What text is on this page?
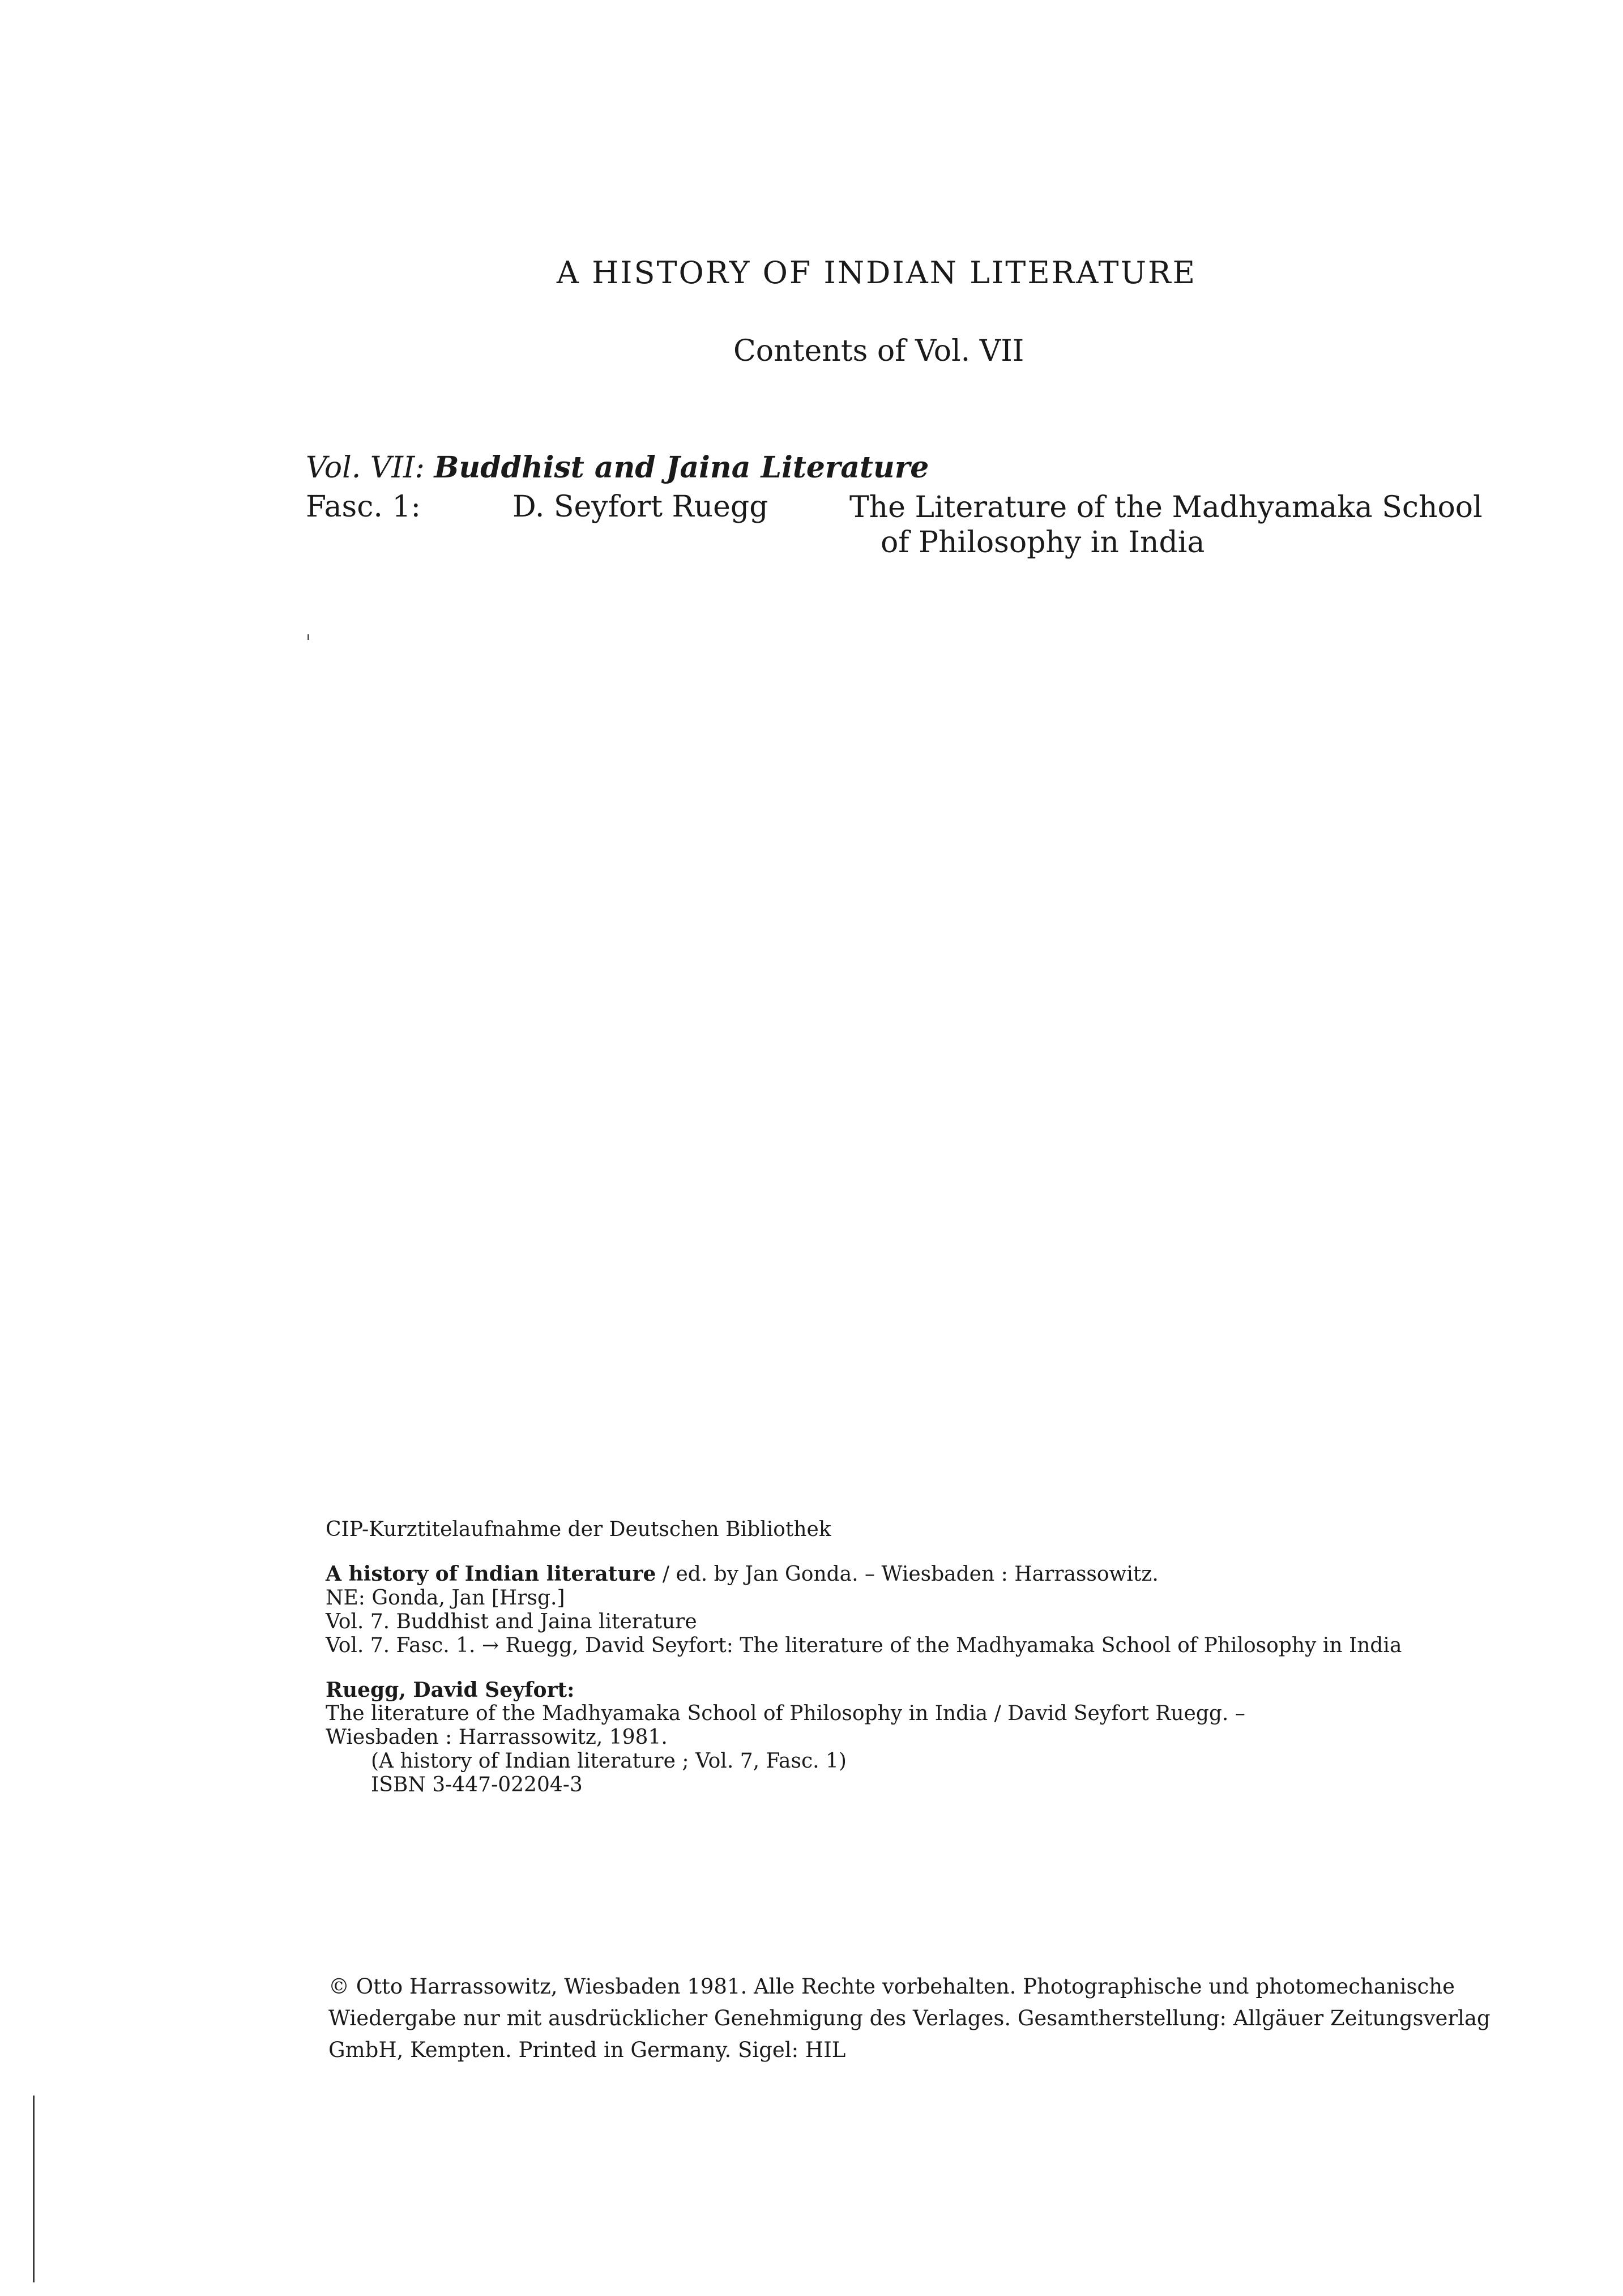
A HISTORY OF INDIAN LITERATURE
Contents of Vol. VII
Vol. VII: Buddhist and Jaina Literature
Fasc. 1:	D. Seyfort Ruegg	The Literature of the Madhyamaka School
of Philosophy in India
CIP-Kurztitelaufnahme der Deutschen Bibliothek
A history of Indian literature / ed. by Jan Gonda. – Wiesbaden : Harrassowitz.
NE: Gonda, Jan [Hrsg.]
Vol. 7. Buddhist and Jaina literature
Vol. 7. Fasc. 1. → Ruegg, David Seyfort: The literature of the Madhyamaka School of Philosophy in India
Ruegg, David Seyfort:
The literature of the Madhyamaka School of Philosophy in India / David Seyfort Ruegg. –
Wiesbaden : Harrassowitz, 1981.
(A history of Indian literature ; Vol. 7, Fasc. 1)
ISBN 3-447-02204-3
© Otto Harrassowitz, Wiesbaden 1981. Alle Rechte vorbehalten. Photographische und photomechanische Wiedergabe nur mit ausdrücklicher Genehmigung des Verlages. Gesamtherstellung: Allgäuer Zeitungsverlag GmbH, Kempten. Printed in Germany. Sigel: HIL
